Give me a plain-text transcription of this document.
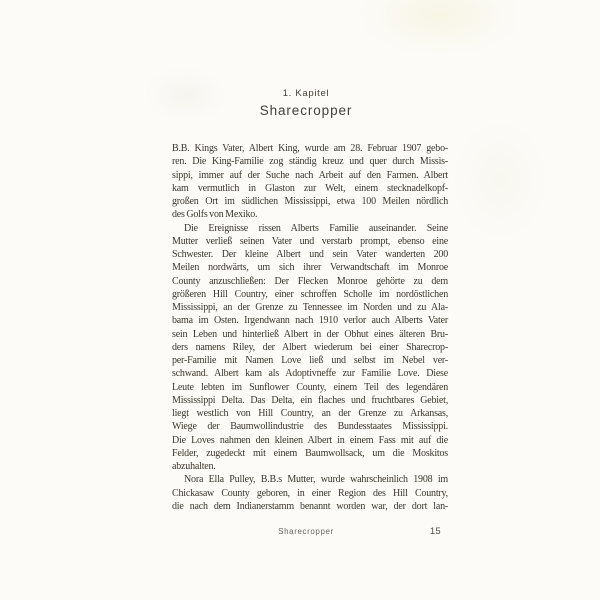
1. Kapitel
Sharecropper
B.B. Kings Vater, Albert King, wurde am 28. Februar 1907 gebo-
ren. Die King-Familie zog ständig kreuz und quer durch Missis-
sippi, immer auf der Suche nach Arbeit auf den Farmen. Albert
kam vermutlich in Glaston zur Welt, einem stecknadelkopf-
großen Ort im südlichen Mississippi, etwa 100 Meilen nördlich
des Golfs von Mexiko.
Die Ereignisse rissen Alberts Familie auseinander. Seine
Mutter verließ seinen Vater und verstarb prompt, ebenso eine
Schwester. Der kleine Albert und sein Vater wanderten 200
Meilen nordwärts, um sich ihrer Verwandtschaft im Monroe
County anzuschließen: Der Flecken Monroe gehörte zu dem
größeren Hill Country, einer schroffen Scholle im nordöstlichen
Mississippi, an der Grenze zu Tennessee im Norden und zu Ala-
bama im Osten. Irgendwann nach 1910 verlor auch Alberts Vater
sein Leben und hinterließ Albert in der Obhut eines älteren Bru-
ders namens Riley, der Albert wiederum bei einer Sharecrop-
per-Familie mit Namen Love ließ und selbst im Nebel ver-
schwand. Albert kam als Adoptivneffe zur Familie Love. Diese
Leute lebten im Sunflower County, einem Teil des legendären
Mississippi Delta. Das Delta, ein flaches und fruchtbares Gebiet,
liegt westlich von Hill Country, an der Grenze zu Arkansas,
Wiege der Baumwollindustrie des Bundesstaates Mississippi.
Die Loves nahmen den kleinen Albert in einem Fass mit auf die
Felder, zugedeckt mit einem Baumwollsack, um die Moskitos
abzuhalten.
Nora Ella Pulley, B.B.s Mutter, wurde wahrscheinlich 1908 im
Chickasaw County geboren, in einer Region des Hill Country,
die nach dem Indianerstamm benannt worden war, der dort lan-
Sharecropper	15
